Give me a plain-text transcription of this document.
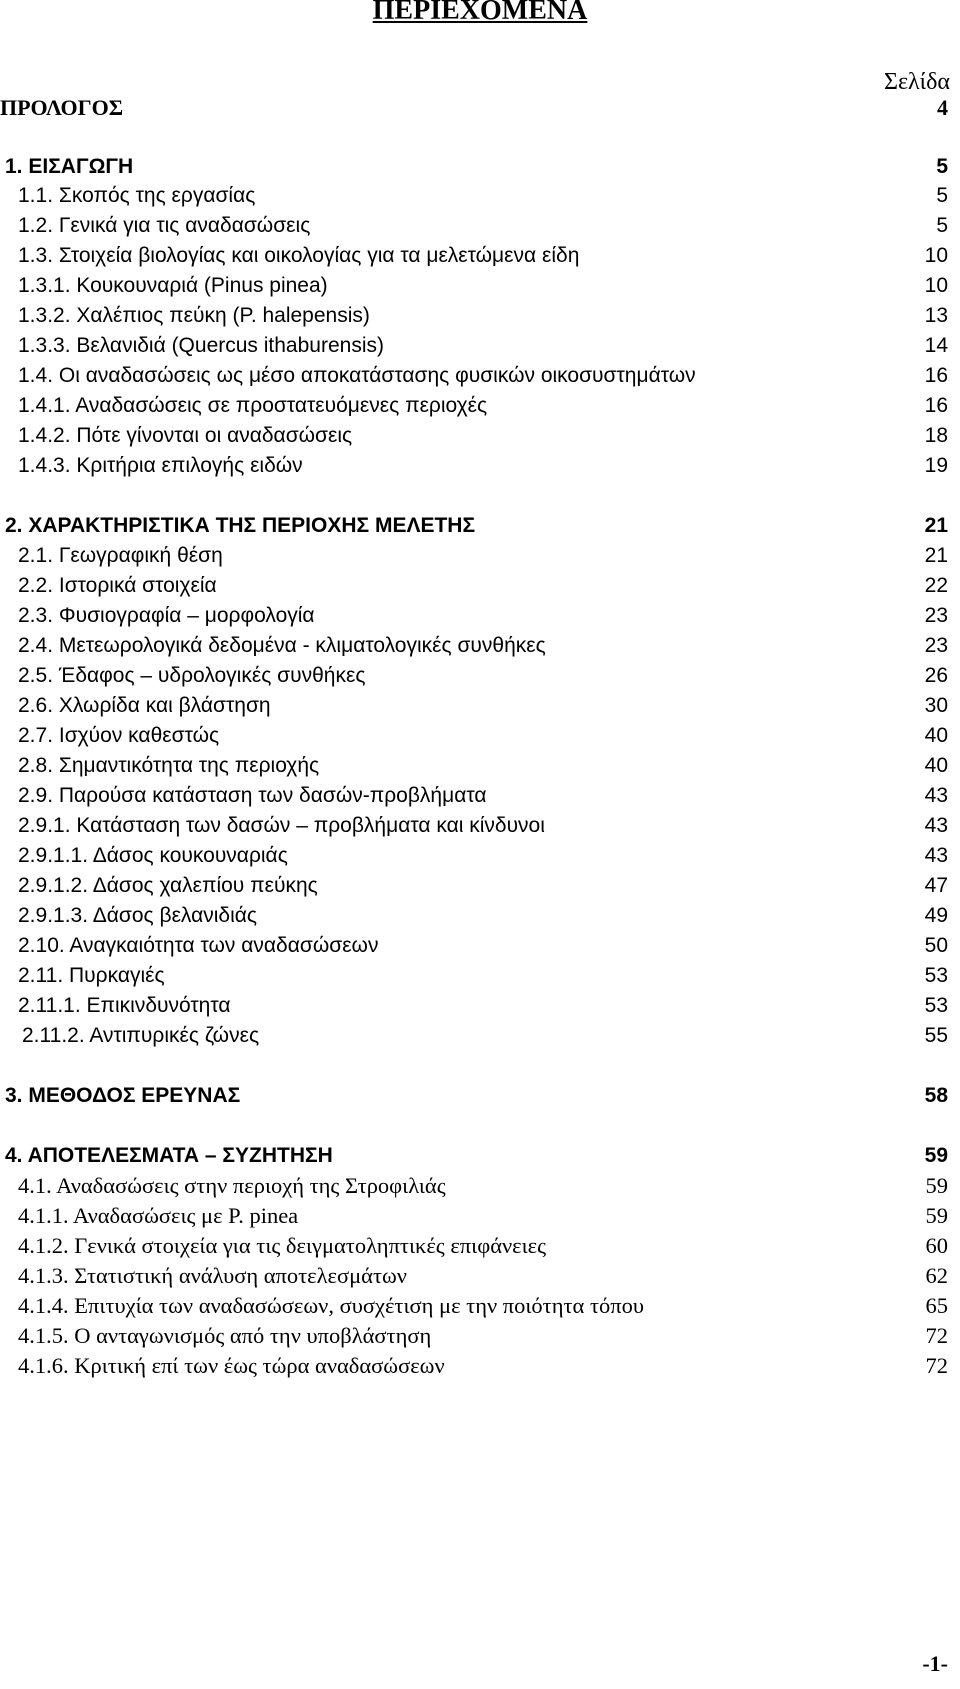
ΠΕΡΙΕΧΟΜΕΝΑ
Σελίδα
ΠΡΟΛΟΓΟΣ	4
1. ΕΙΣΑΓΩΓΗ	5
1.1. Σκοπός της εργασίας	5
1.2. Γενικά για τις αναδασώσεις	5
1.3. Στοιχεία βιολογίας και οικολογίας για τα μελετώμενα είδη	10
1.3.1. Κουκουναριά (Pinus pinea)	10
1.3.2. Χαλέπιος πεύκη (P. halepensis)	13
1.3.3. Βελανιδιά (Quercus ithaburensis)	14
1.4. Οι αναδασώσεις ως μέσο αποκατάστασης φυσικών οικοσυστημάτων	16
1.4.1. Αναδασώσεις σε προστατευόμενες περιοχές	16
1.4.2. Πότε γίνονται οι αναδασώσεις	18
1.4.3. Κριτήρια επιλογής ειδών	19
2. ΧΑΡΑΚΤΗΡΙΣΤΙΚΑ ΤΗΣ ΠΕΡΙΟΧΗΣ ΜΕΛΕΤΗΣ	21
2.1. Γεωγραφική θέση	21
2.2. Ιστορικά στοιχεία	22
2.3. Φυσιογραφία – μορφολογία	23
2.4. Μετεωρολογικά δεδομένα - κλιματολογικές συνθήκες	23
2.5. Έδαφος – υδρολογικές συνθήκες	26
2.6. Χλωρίδα και βλάστηση	30
2.7. Ισχύον καθεστώς	40
2.8. Σημαντικότητα της περιοχής	40
2.9. Παρούσα κατάσταση των δασών-προβλήματα	43
2.9.1. Κατάσταση των δασών – προβλήματα και κίνδυνοι	43
2.9.1.1. Δάσος κουκουναριάς	43
2.9.1.2. Δάσος χαλεπίου πεύκης	47
2.9.1.3. Δάσος βελανιδιάς	49
2.10. Αναγκαιότητα των αναδασώσεων	50
2.11. Πυρκαγιές	53
2.11.1. Επικινδυνότητα	53
2.11.2. Αντιπυρικές ζώνες	55
3. ΜΕΘΟΔΟΣ ΕΡΕΥΝΑΣ	58
4. ΑΠΟΤΕΛΕΣΜΑΤΑ – ΣΥΖΗΤΗΣΗ	59
4.1. Αναδασώσεις στην περιοχή της Στροφιλιάς	59
4.1.1. Αναδασώσεις με P. pinea	59
4.1.2. Γενικά στοιχεία για τις δειγματοληπτικές επιφάνειες	60
4.1.3. Στατιστική ανάλυση αποτελεσμάτων	62
4.1.4. Επιτυχία των αναδασώσεων, συσχέτιση με την ποιότητα τόπου	65
4.1.5. Ο ανταγωνισμός από την υποβλάστηση	72
4.1.6. Κριτική επί των έως τώρα αναδασώσεων	72
-1-
